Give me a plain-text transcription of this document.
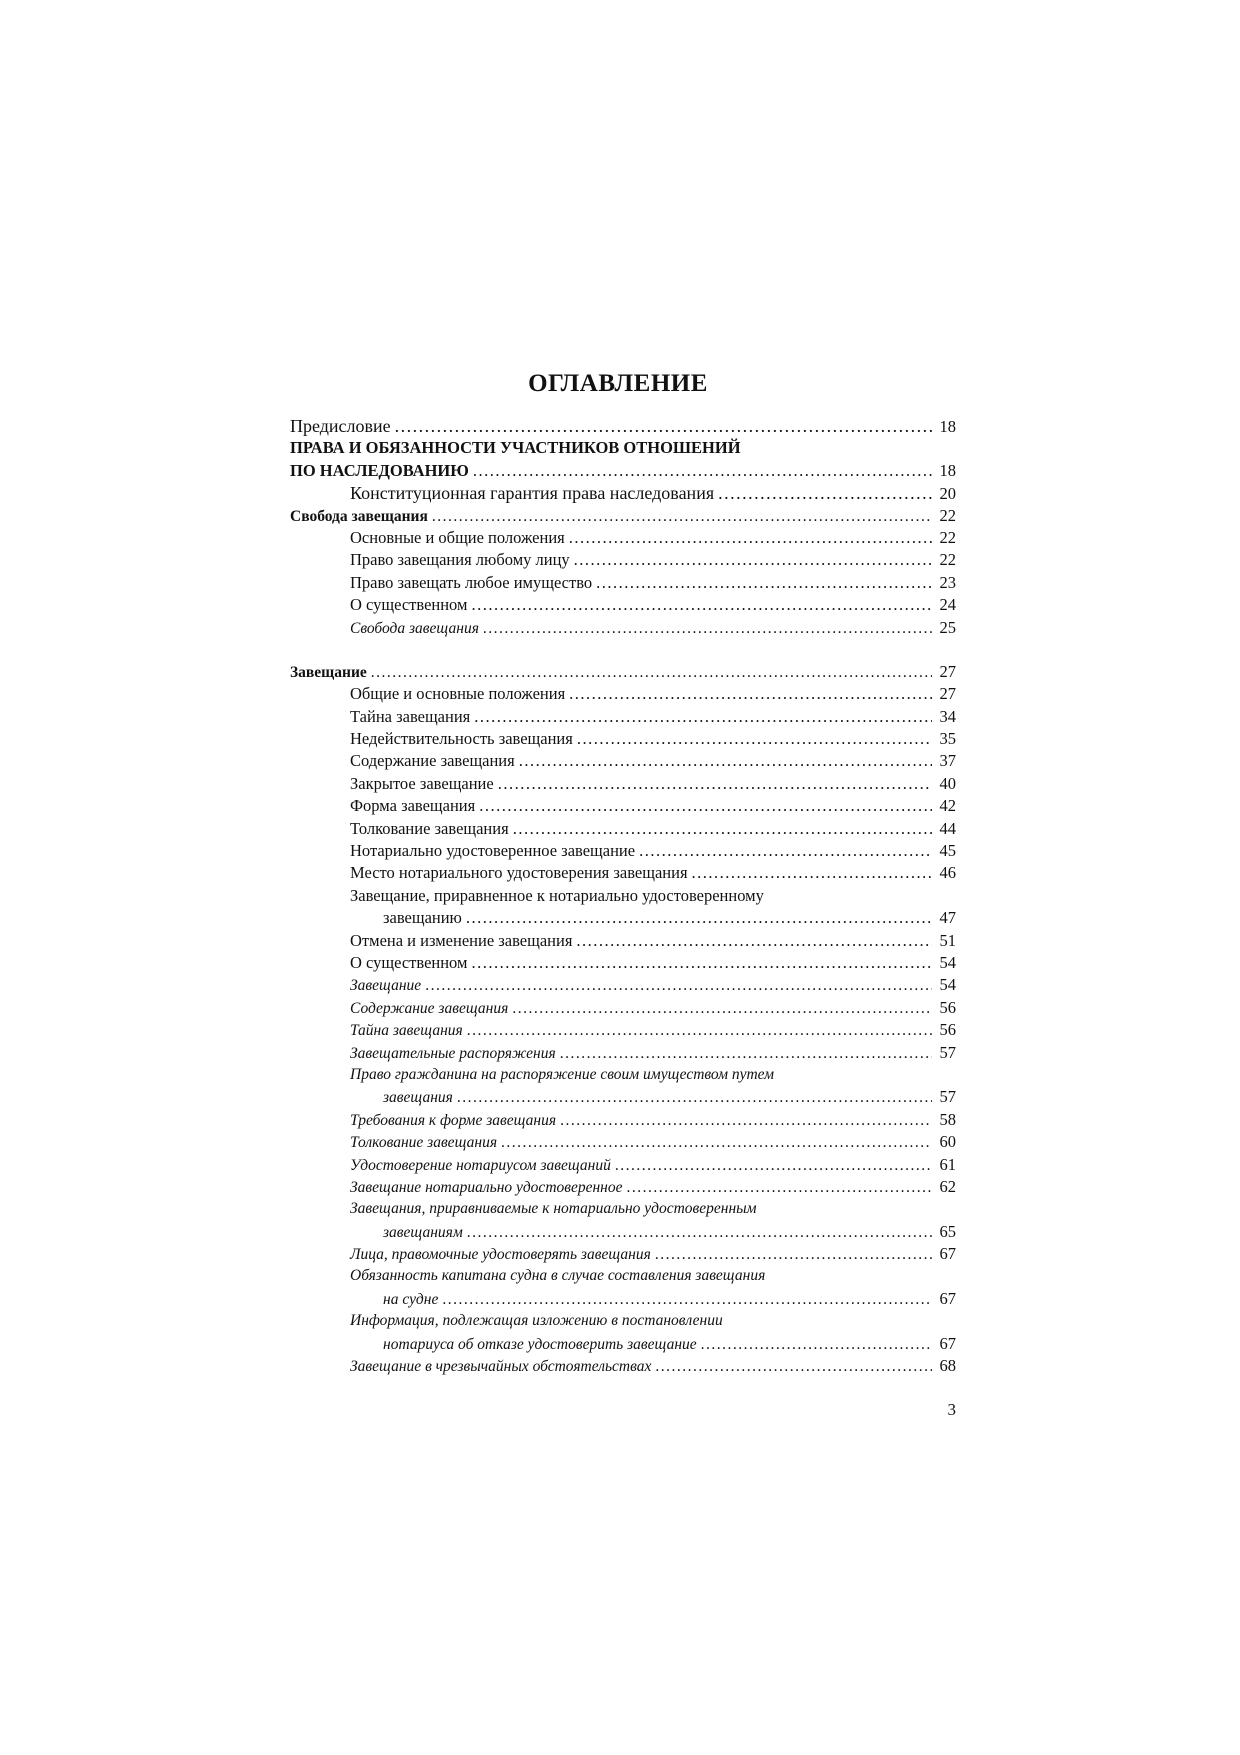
ОГЛАВЛЕНИЕ
Предисловие .....	18
ПРАВА И ОБЯЗАННОСТИ УЧАСТНИКОВ ОТНОШЕНИЙ
ПО НАСЛЕДОВАНИЮ .....	18
Конституционная гарантия права наследования .....	20
Свобода завещания .....	22
Основные и общие положения .....	22
Право завещания любому лицу .....	22
Право завещать любое имущество .....	23
О существенном .....	24
Свобода завещания .....	25
Завещание .....	27
Общие и основные положения .....	27
Тайна завещания .....	34
Недействительность завещания .....	35
Содержание завещания .....	37
Закрытое завещание .....	40
Форма завещания .....	42
Толкование завещания .....	44
Нотариально удостоверенное завещание .....	45
Место нотариального удостоверения завещания .....	46
Завещание, приравненное к нотариально удостоверенному
завещанию .....	47
Отмена и изменение завещания .....	51
О существенном .....	54
Завещание .....	54
Содержание завещания .....	56
Тайна завещания .....	56
Завещательные распоряжения .....	57
Право гражданина на распоряжение своим имуществом путем
завещания .....	57
Требования к форме завещания .....	58
Толкование завещания .....	60
Удостоверение нотариусом завещаний .....	61
Завещание нотариально удостоверенное .....	62
Завещания, приравниваемые к нотариально удостоверенным
завещаниям .....	65
Лица, правомочные удостоверять завещания .....	67
Обязанность капитана судна в случае составления завещания
на судне .....	67
Информация, подлежащая изложению в постановлении
нотариуса об отказе удостоверить завещание .....	67
Завещание в чрезвычайных обстоятельствах .....	68
3
